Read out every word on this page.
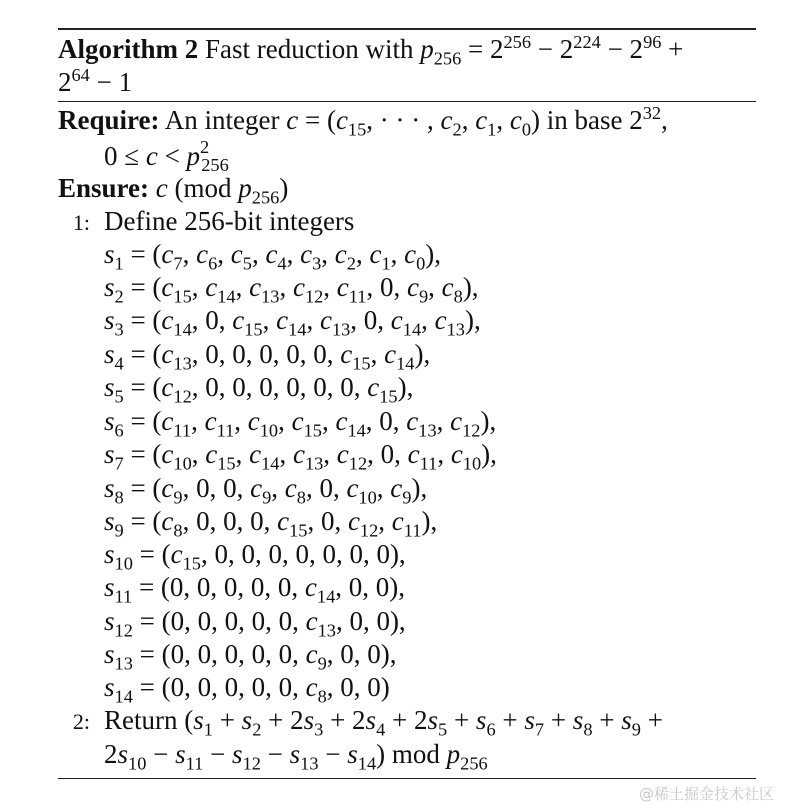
Algorithm 2 Fast reduction with $p_{256} = 2^{256} - 2^{224} - 2^{96}$ +
$2^{64} - 1$
Require: An integer $c = (c_{15}$, · · · , $c_2$, $c_1$, $c_0$) in base $2^{32}$,
$0 \le c < p^2_{256}$
Ensure: c (mod $p_{256}$)
1: Define 256-bit integers
$s_1 = (c_7$, $c_6$, $c_5$, $c_4$, $c_3$, $c_2$, $c_1$, $c_0$),
$s_2 = (c_{15}$, $c_{14}$, $c_{13}$, $c_{12}$, $c_{11}$, 0, $c_9$, $c_8$),
$s_3 = (c_{14}$, 0, $c_{15}$, $c_{14}$, $c_{13}$, 0, $c_{14}$, $c_{13}$),
$s_4 = (c_{13}$, 0, 0, 0, 0, 0, $c_{15}$, $c_{14}$),
$s_5 = (c_{12}$, 0, 0, 0, 0, 0, 0, $c_{15}$),
$s_6 = (c_{11}$, $c_{11}$, $c_{10}$, $c_{15}$, $c_{14}$, 0, $c_{13}$, $c_{12}$),
$s_7 = (c_{10}$, $c_{15}$, $c_{14}$, $c_{13}$, $c_{12}$, 0, $c_{11}$, $c_{10}$),
$s_8 = (c_9$, 0, 0, $c_9$, $c_8$, 0, $c_{10}$, $c_9$),
$s_9 = (c_8$, 0, 0, 0, $c_{15}$, 0, $c_{12}$, $c_{11}$),
$s_{10} = (c_{15}$, 0, 0, 0, 0, 0, 0, 0),
$s_{11} = (0$, 0, 0, 0, 0, $c_{14}$, 0, 0),
$s_{12} = (0$, 0, 0, 0, 0, $c_{13}$, 0, 0),
$s_{13} = (0$, 0, 0, 0, 0, $c_9$, 0, 0),
$s_{14} = (0$, 0, 0, 0, 0, $c_8$, 0, 0)
2: Return ($s_1 + s_2 + 2s_3 + 2s_4 + 2s_5 + s_6 + s_7 + s_8 + s_9$ +
$2s_{10} - s_{11} - s_{12} - s_{13} - s_{14}$) mod $p_{256}$
@稀土掘金技术社区
